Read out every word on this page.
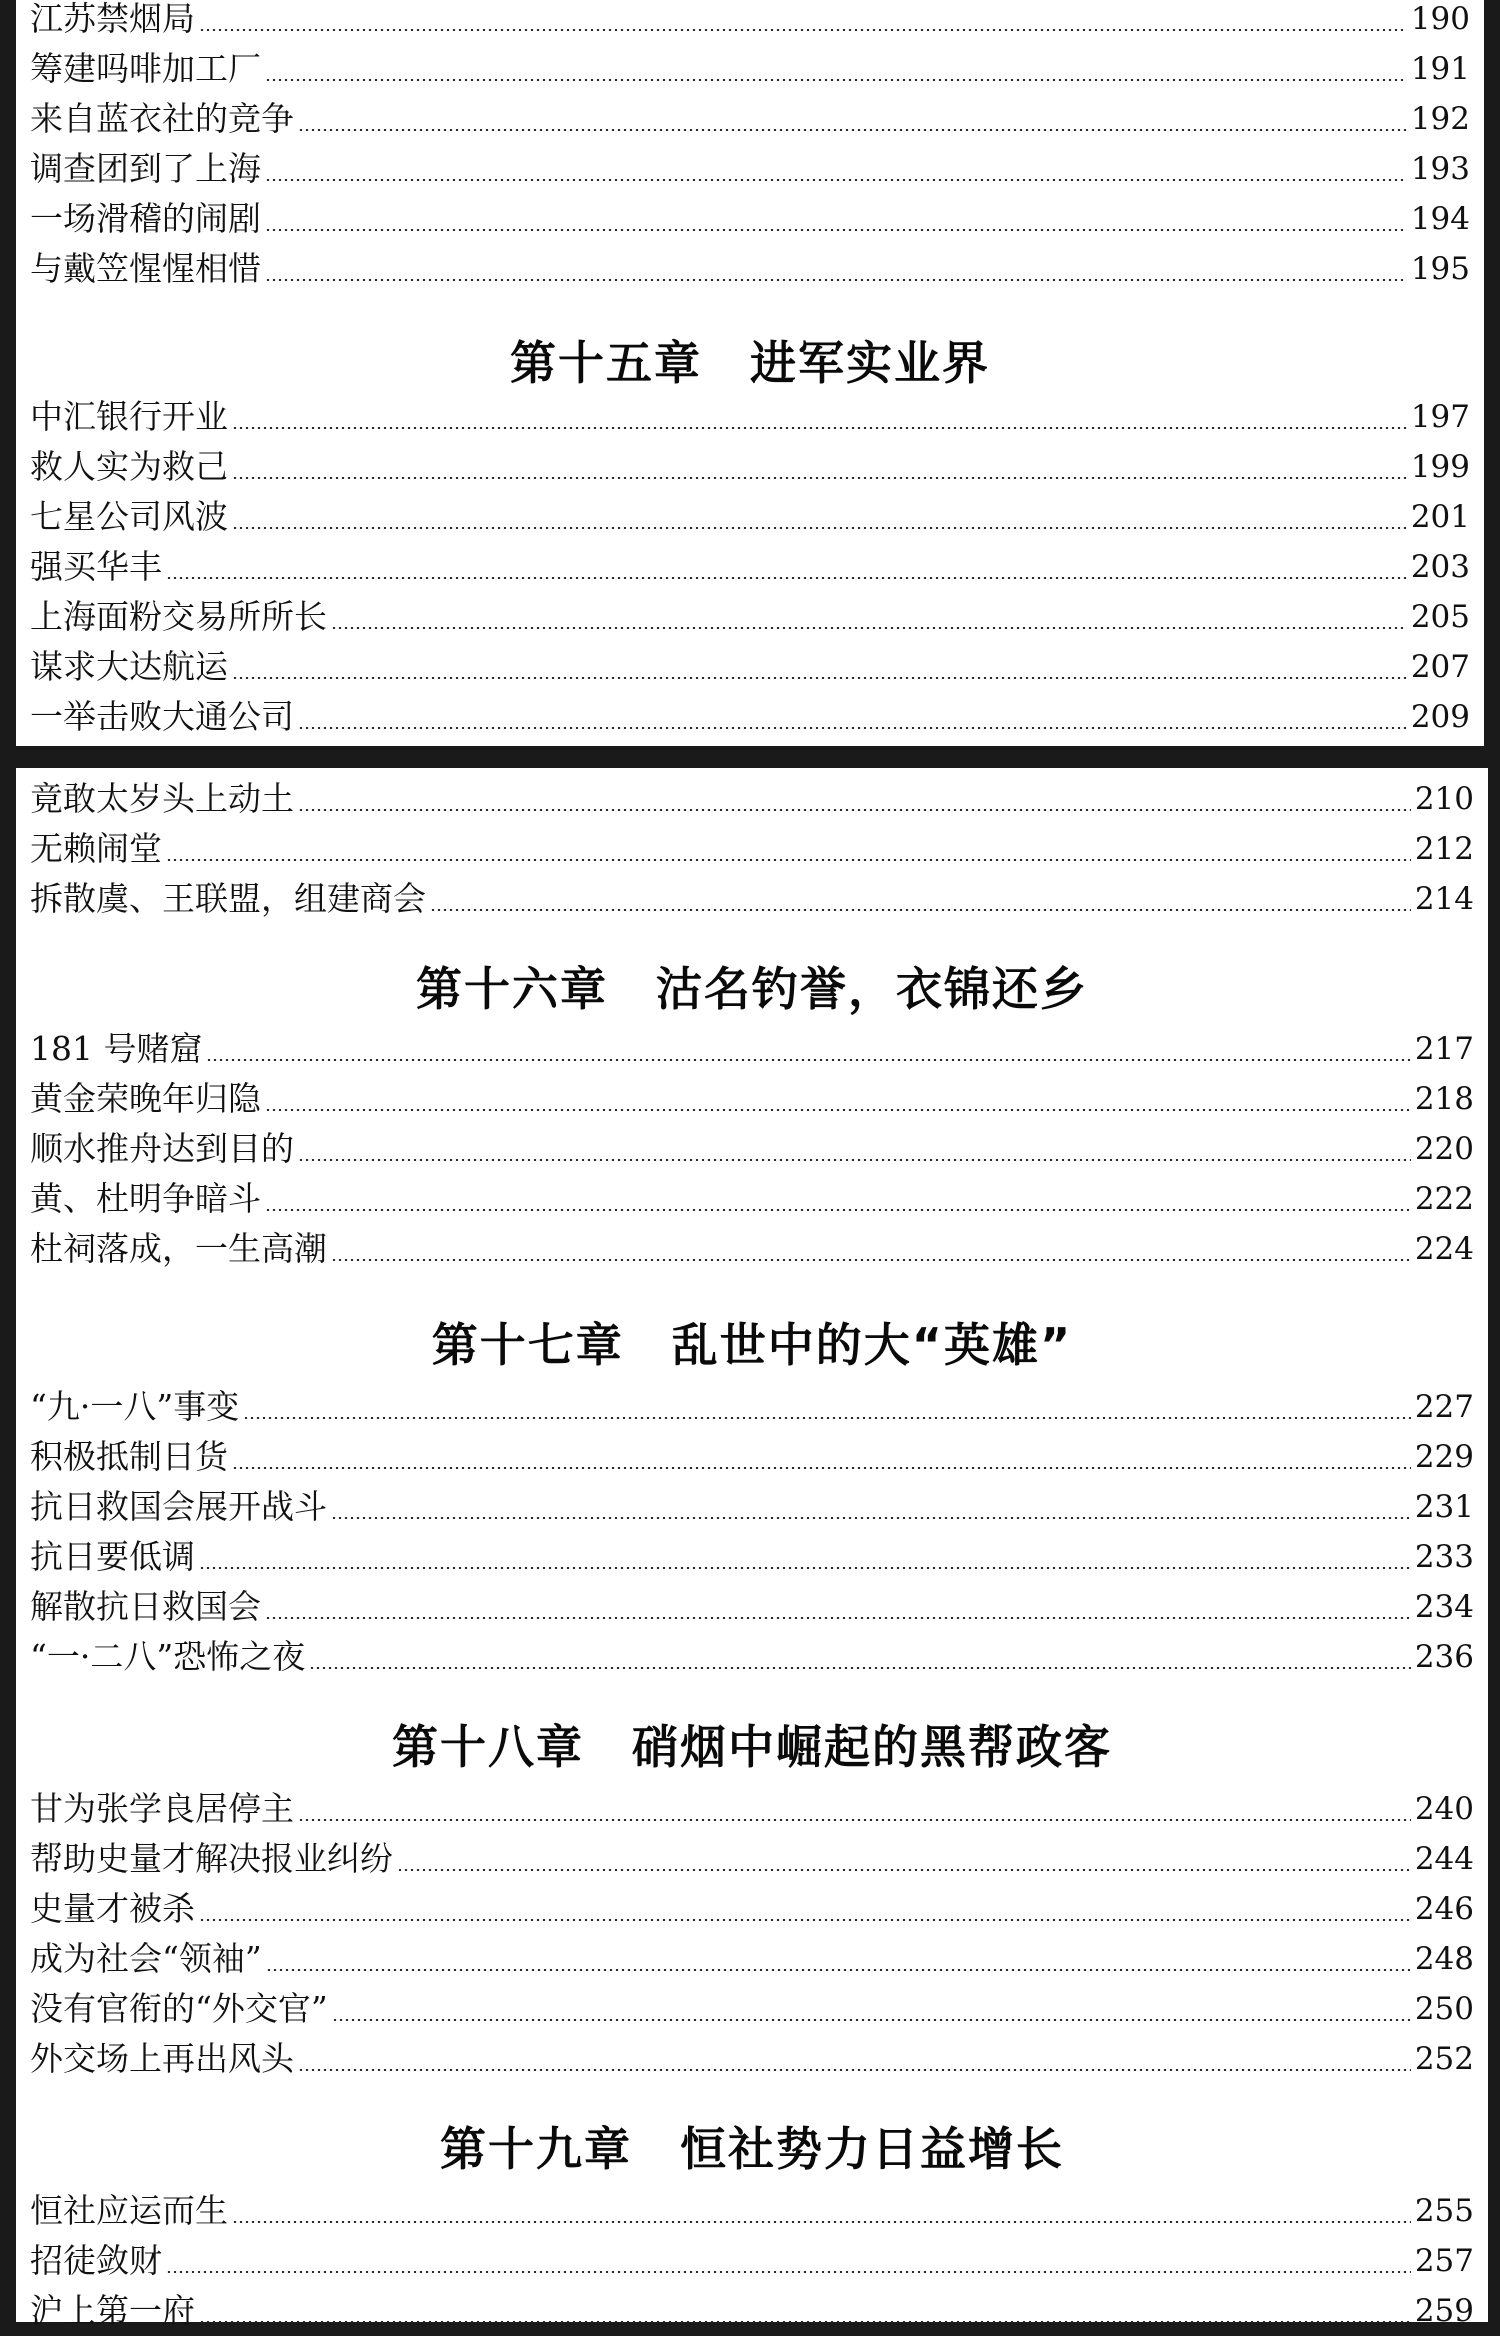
江苏禁烟局	190
筹建吗啡加工厂	191
来自蓝衣社的竞争	192
调查团到了上海	193
一场滑稽的闹剧	194
与戴笠惺惺相惜	195
第十五章 进军实业界
中汇银行开业	197
救人实为救己	199
七星公司风波	201
强买华丰	203
上海面粉交易所所长	205
谋求大达航运	207
一举击败大通公司	209
竟敢太岁头上动土	210
无赖闹堂	212
拆散虞、王联盟，组建商会	214
第十六章 沽名钓誉，衣锦还乡
181 号赌窟	217
黄金荣晚年归隐	218
顺水推舟达到目的	220
黄、杜明争暗斗	222
杜祠落成，一生高潮	224
第十七章 乱世中的大“英雄”
“九·一八”事变	227
积极抵制日货	229
抗日救国会展开战斗	231
抗日要低调	233
解散抗日救国会	234
“一·二八”恐怖之夜	236
第十八章 硝烟中崛起的黑帮政客
甘为张学良居停主	240
帮助史量才解决报业纠纷	244
史量才被杀	246
成为社会“领袖”	248
没有官衔的“外交官”	250
外交场上再出风头	252
第十九章 恒社势力日益增长
恒社应运而生	255
招徒敛财	257
沪上第一府	259
